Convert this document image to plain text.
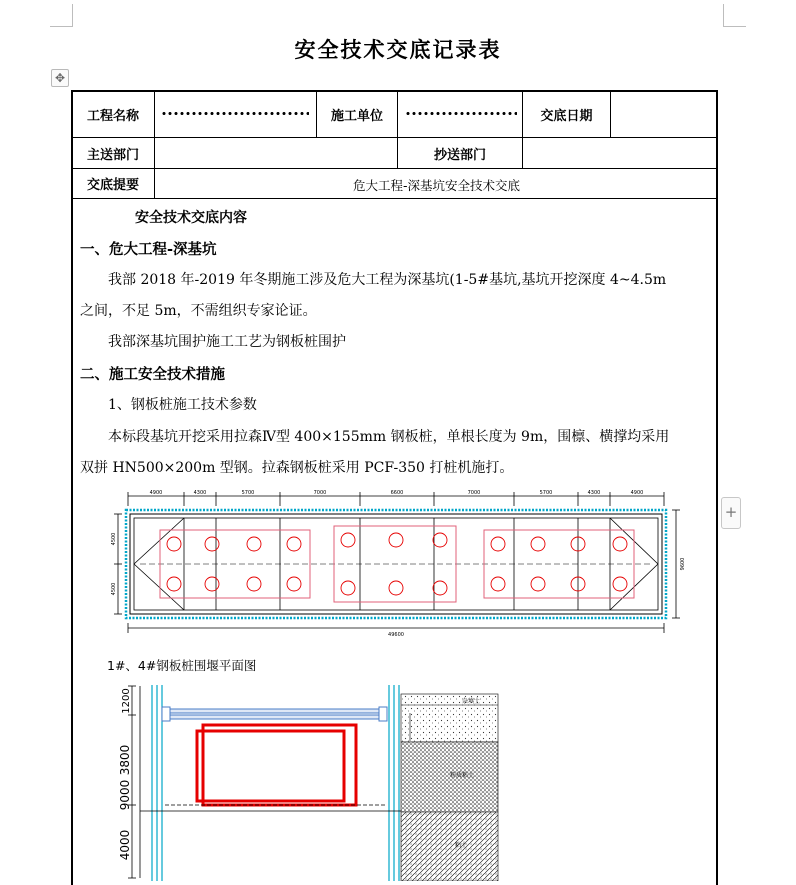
安全技术交底记录表
✥
+
工程名称	施工单位	交底日期
主送部门	抄送部门
交底提要	危大工程-深基坑安全技术交底
安全技术交底内容
一、危大工程-深基坑
我部 2018 年-2019 年冬期施工涉及危大工程为深基坑(1-5#基坑,基坑开挖深度 4~4.5m
之间，不足 5m，不需组织专家论证。
我部深基坑围护施工工艺为钢板桩围护
二、施工安全技术措施
1、钢板桩施工技术参数
本标段基坑开挖采用拉森Ⅳ型 400×155mm 钢板桩，单根长度为 9m，围檩、横撑均采用
双拼 HN500×200m 型钢。拉森钢板桩采用 PCF-350 打桩机施打。
4900	4300	5700	7000	6600	7000	5700	4300	4900
49600
4500
4500
9600
1#、4#钢板桩围堰平面图
1200
3800
9000
4000
杂填土
粉质粘土
粘土
